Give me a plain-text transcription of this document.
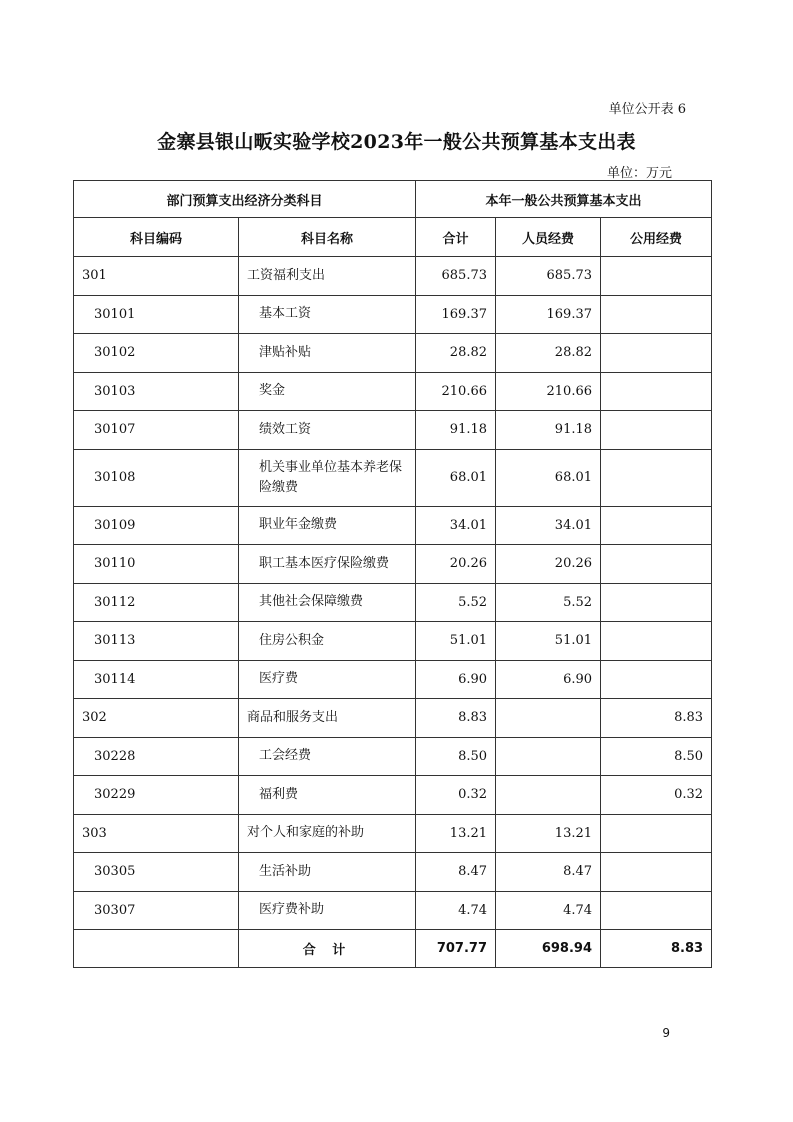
单位公开表 6
金寨县银山畈实验学校2023年一般公共预算基本支出表
单位：万元
部门预算支出经济分类科目		本年一般公共预算基本支出		
科目编码	科目名称	合计	人员经费	公用经费
301	工资福利支出	685.73	685.73	
30101	基本工资	169.37	169.37	
30102	津贴补贴	28.82	28.82	
30103	奖金	210.66	210.66	
30107	绩效工资	91.18	91.18	
30108	机关事业单位基本养老保险缴费	68.01	68.01	
30109	职业年金缴费	34.01	34.01	
30110	职工基本医疗保险缴费	20.26	20.26	
30112	其他社会保障缴费	5.52	5.52	
30113	住房公积金	51.01	51.01	
30114	医疗费	6.90	6.90	
302	商品和服务支出	8.83		8.83
30228	工会经费	8.50		8.50
30229	福利费	0.32		0.32
303	对个人和家庭的补助	13.21	13.21	
30305	生活补助	8.47	8.47	
30307	医疗费补助	4.74	4.74	
	合 计	707.77	698.94	8.83
9
